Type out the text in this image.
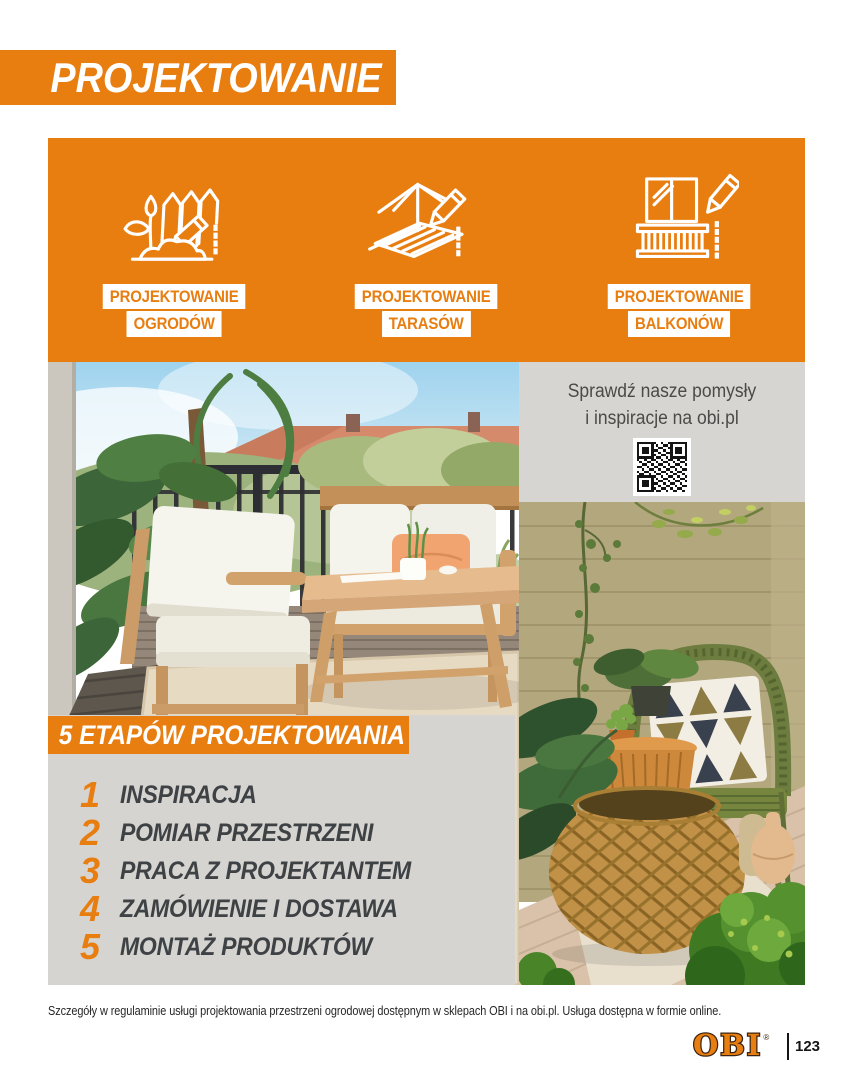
PROJEKTOWANIE
PROJEKTOWANIE
OGRODÓW
PROJEKTOWANIE
TARASÓW
PROJEKTOWANIE
BALKONÓW
Sprawdź nasze pomysły
i inspiracje na obi.pl
5 ETAPÓW PROJEKTOWANIA
1 INSPIRACJA
2 POMIAR PRZESTRZENI
3 PRACA Z PROJEKTANTEM
4 ZAMÓWIENIE I DOSTAWA
5 MONTAŻ PRODUKTÓW
Szczegóły w regulaminie usługi projektowania przestrzeni ogrodowej dostępnym w sklepach OBI i na obi.pl. Usługa dostępna w formie online.
OBI ®
123
